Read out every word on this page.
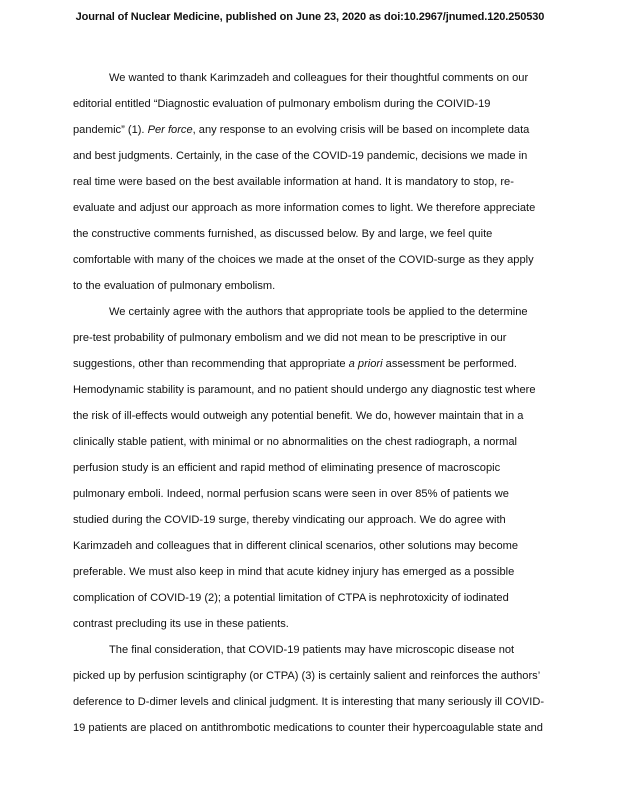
Journal of Nuclear Medicine, published on June 23, 2020 as doi:10.2967/jnumed.120.250530
We wanted to thank Karimzadeh and colleagues for their thoughtful comments on our
editorial entitled “Diagnostic evaluation of pulmonary embolism during the COIVID-19
pandemic” (1). Per force, any response to an evolving crisis will be based on incomplete data
and best judgments. Certainly, in the case of the COVID-19 pandemic, decisions we made in
real time were based on the best available information at hand. It is mandatory to stop, re-
evaluate and adjust our approach as more information comes to light. We therefore appreciate
the constructive comments furnished, as discussed below. By and large, we feel quite
comfortable with many of the choices we made at the onset of the COVID-surge as they apply
to the evaluation of pulmonary embolism.
We certainly agree with the authors that appropriate tools be applied to the determine
pre-test probability of pulmonary embolism and we did not mean to be prescriptive in our
suggestions, other than recommending that appropriate a priori assessment be performed.
Hemodynamic stability is paramount, and no patient should undergo any diagnostic test where
the risk of ill-effects would outweigh any potential benefit. We do, however maintain that in a
clinically stable patient, with minimal or no abnormalities on the chest radiograph, a normal
perfusion study is an efficient and rapid method of eliminating presence of macroscopic
pulmonary emboli. Indeed, normal perfusion scans were seen in over 85% of patients we
studied during the COVID-19 surge, thereby vindicating our approach. We do agree with
Karimzadeh and colleagues that in different clinical scenarios, other solutions may become
preferable. We must also keep in mind that acute kidney injury has emerged as a possible
complication of COVID-19 (2); a potential limitation of CTPA is nephrotoxicity of iodinated
contrast precluding its use in these patients.
The final consideration, that COVID-19 patients may have microscopic disease not
picked up by perfusion scintigraphy (or CTPA) (3) is certainly salient and reinforces the authors’
deference to D-dimer levels and clinical judgment. It is interesting that many seriously ill COVID-
19 patients are placed on antithrombotic medications to counter their hypercoagulable state and
